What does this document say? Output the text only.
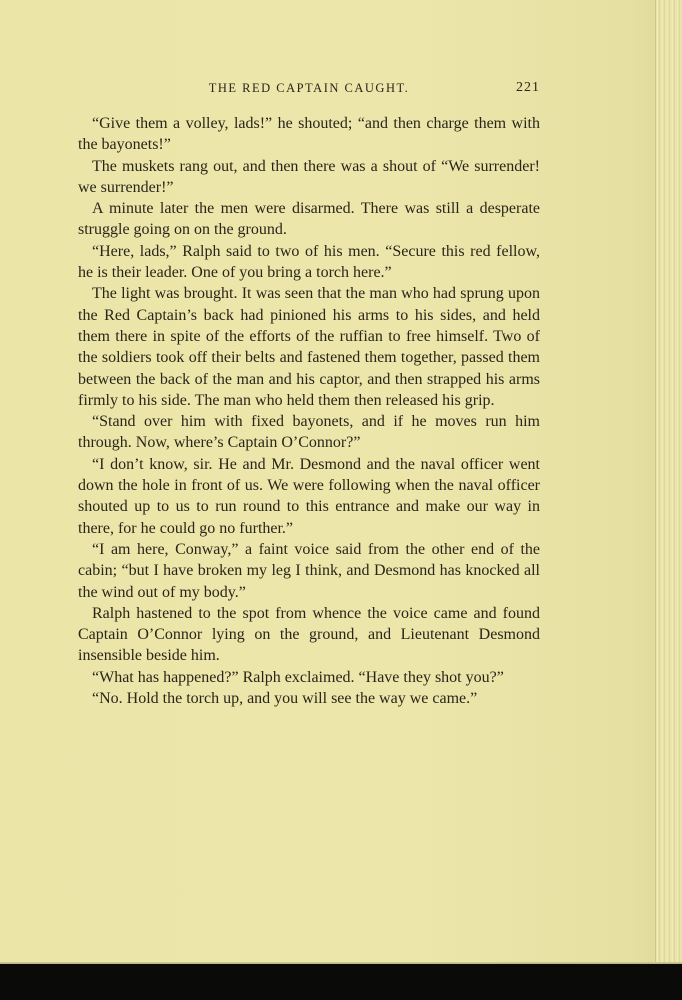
THE RED CAPTAIN CAUGHT.	221

“Give them a volley, lads!” he shouted; “and then charge them with the bayonets!”

The muskets rang out, and then there was a shout of “We surrender! we surrender!”

A minute later the men were disarmed. There was still a desperate struggle going on on the ground.

“Here, lads,” Ralph said to two of his men. “Secure this red fellow, he is their leader. One of you bring a torch here.”

The light was brought. It was seen that the man who had sprung upon the Red Captain’s back had pinioned his arms to his sides, and held them there in spite of the efforts of the ruffian to free himself. Two of the soldiers took off their belts and fastened them together, passed them between the back of the man and his captor, and then strapped his arms firmly to his side. The man who held them then released his grip.

“Stand over him with fixed bayonets, and if he moves run him through. Now, where’s Captain O’Connor?”

“I don’t know, sir. He and Mr. Desmond and the naval officer went down the hole in front of us. We were following when the naval officer shouted up to us to run round to this entrance and make our way in there, for he could go no further.”

“I am here, Conway,” a faint voice said from the other end of the cabin; “but I have broken my leg I think, and Desmond has knocked all the wind out of my body.”

Ralph hastened to the spot from whence the voice came and found Captain O’Connor lying on the ground, and Lieutenant Desmond insensible beside him.

“What has happened?” Ralph exclaimed. “Have they shot you?”

“No. Hold the torch up, and you will see the way we came.”
